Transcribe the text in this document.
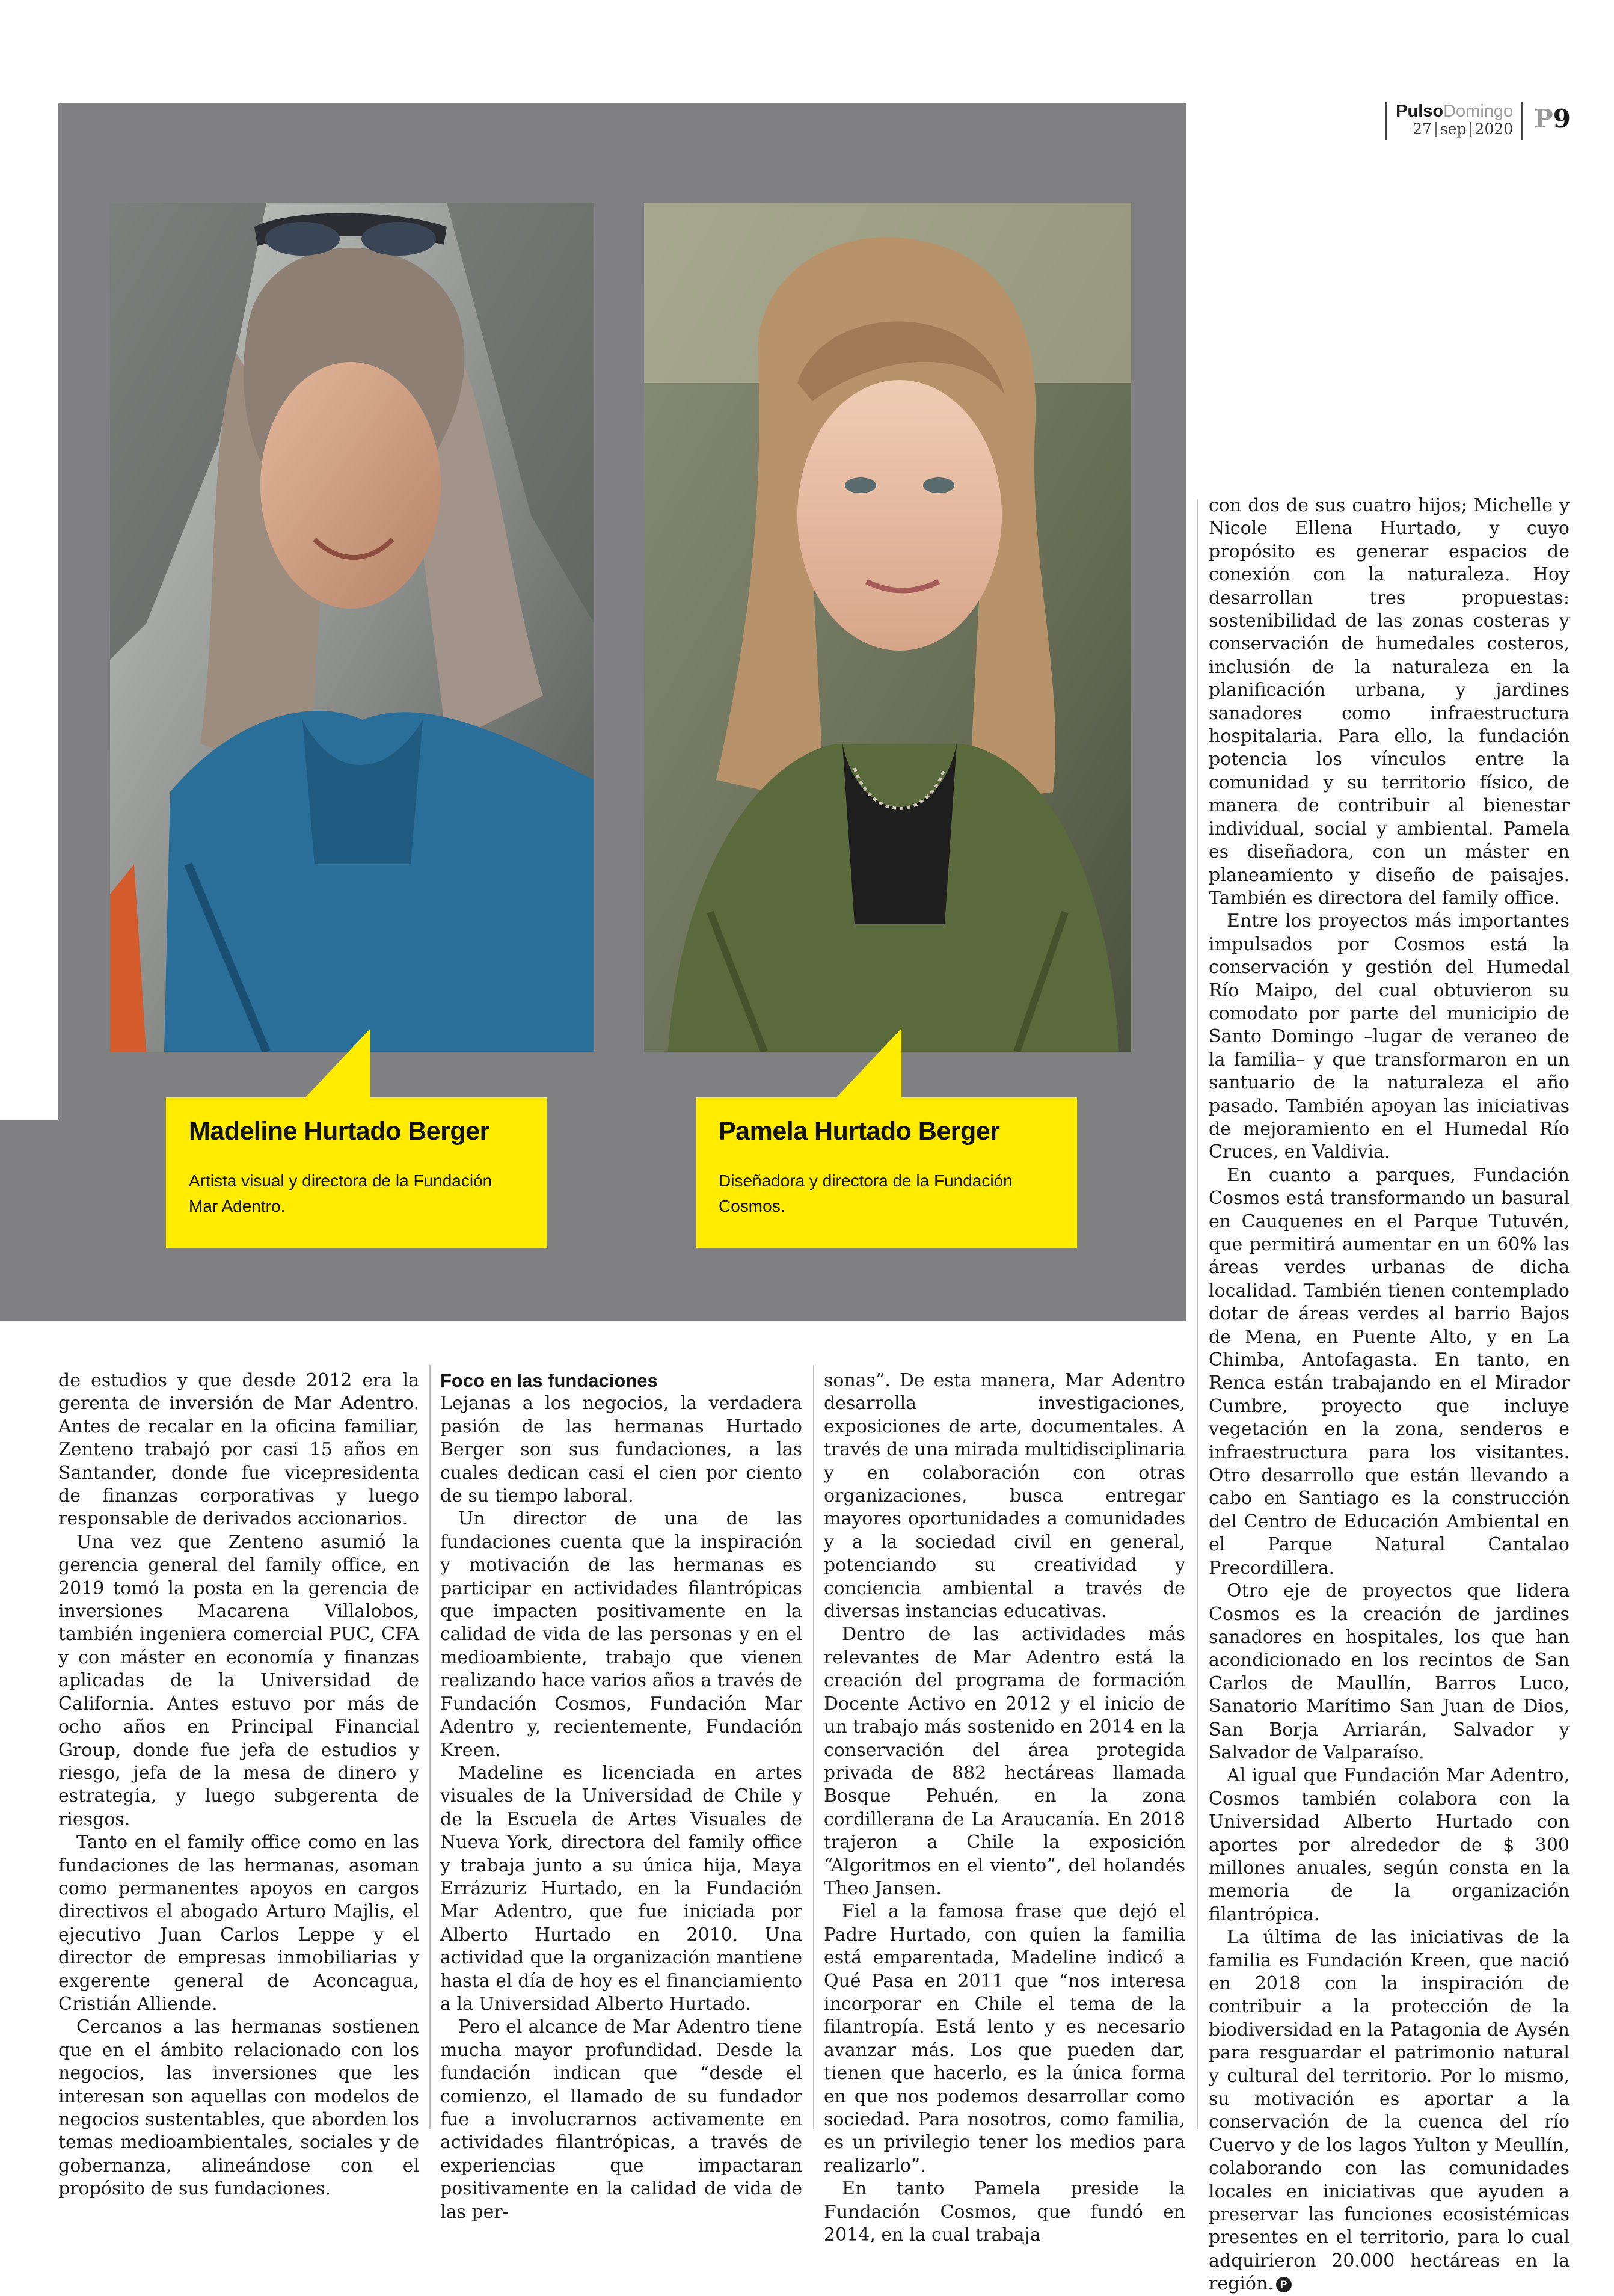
PulsoDomingo
27 sep 2020 P9
Madeline Hurtado Berger
Artista visual y directora de la Fundación Mar Adentro.
Pamela Hurtado Berger
Diseñadora y directora de la Fundación Cosmos.

de estudios y que desde 2012 era la gerenta de inversión de Mar Adentro. Antes de recalar en la oficina familiar, Zenteno trabajó por casi 15 años en Santander, donde fue vicepresidenta de finanzas corporativas y luego responsable de derivados accionarios.

Una vez que Zenteno asumió la gerencia general del family office, en 2019 tomó la posta en la gerencia de inversiones Macarena Villalobos, también ingeniera comercial PUC, CFA y con máster en economía y finanzas aplicadas de la Universidad de California. Antes estuvo por más de ocho años en Principal Financial Group, donde fue jefa de estudios y riesgo, jefa de la mesa de dinero y estrategia, y luego subgerenta de riesgos.

Tanto en el family office como en las fundaciones de las hermanas, asoman como permanentes apoyos en cargos directivos el abogado Arturo Majlis, el ejecutivo Juan Carlos Leppe y el director de empresas inmobiliarias y exgerente general de Aconcagua, Cristián Alliende.

Cercanos a las hermanas sostienen que en el ámbito relacionado con los negocios, las inversiones que les interesan son aquellas con modelos de negocios sustentables, que aborden los temas medioambientales, sociales y de gobernanza, alineándose con el propósito de sus fundaciones.

Foco en las fundaciones

Lejanas a los negocios, la verdadera pasión de las hermanas Hurtado Berger son sus fundaciones, a las cuales dedican casi el cien por ciento de su tiempo laboral.

Un director de una de las fundaciones cuenta que la inspiración y motivación de las hermanas es participar en actividades filantrópicas que impacten positivamente en la calidad de vida de las personas y en el medioambiente, trabajo que vienen realizando hace varios años a través de Fundación Cosmos, Fundación Mar Adentro y, recientemente, Fundación Kreen.

Madeline es licenciada en artes visuales de la Universidad de Chile y de la Escuela de Artes Visuales de Nueva York, directora del family office y trabaja junto a su única hija, Maya Errázuriz Hurtado, en la Fundación Mar Adentro, que fue iniciada por Alberto Hurtado en 2010. Una actividad que la organización mantiene hasta el día de hoy es el financiamiento a la Universidad Alberto Hurtado.

Pero el alcance de Mar Adentro tiene mucha mayor profundidad. Desde la fundación indican que “desde el comienzo, el llamado de su fundador fue a involucrarnos activamente en actividades filantrópicas, a través de experiencias que impactaran positivamente en la calidad de vida de las per-

sonas”. De esta manera, Mar Adentro desarrolla investigaciones, exposiciones de arte, documentales. A través de una mirada multidisciplinaria y en colaboración con otras organizaciones, busca entregar mayores oportunidades a comunidades y a la sociedad civil en general, potenciando su creatividad y conciencia ambiental a través de diversas instancias educativas.

Dentro de las actividades más relevantes de Mar Adentro está la creación del programa de formación Docente Activo en 2012 y el inicio de un trabajo más sostenido en 2014 en la conservación del área protegida privada de 882 hectáreas llamada Bosque Pehuén, en la zona cordillerana de La Araucanía. En 2018 trajeron a Chile la exposición “Algoritmos en el viento”, del holandés Theo Jansen.

Fiel a la famosa frase que dejó el Padre Hurtado, con quien la familia está emparentada, Madeline indicó a Qué Pasa en 2011 que “nos interesa incorporar en Chile el tema de la filantropía. Está lento y es necesario avanzar más. Los que pueden dar, tienen que hacerlo, es la única forma en que nos podemos desarrollar como sociedad. Para nosotros, como familia, es un privilegio tener los medios para realizarlo”.

En tanto Pamela preside la Fundación Cosmos, que fundó en 2014, en la cual trabaja

con dos de sus cuatro hijos; Michelle y Nicole Ellena Hurtado, y cuyo propósito es generar espacios de conexión con la naturaleza. Hoy desarrollan tres propuestas: sostenibilidad de las zonas costeras y conservación de humedales costeros, inclusión de la naturaleza en la planificación urbana, y jardines sanadores como infraestructura hospitalaria. Para ello, la fundación potencia los vínculos entre la comunidad y su territorio físico, de manera de contribuir al bienestar individual, social y ambiental. Pamela es diseñadora, con un máster en planeamiento y diseño de paisajes. También es directora del family office.

Entre los proyectos más importantes impulsados por Cosmos está la conservación y gestión del Humedal Río Maipo, del cual obtuvieron su comodato por parte del municipio de Santo Domingo –lugar de veraneo de la familia– y que transformaron en un santuario de la naturaleza el año pasado. También apoyan las iniciativas de mejoramiento en el Humedal Río Cruces, en Valdivia.

En cuanto a parques, Fundación Cosmos está transformando un basural en Cauquenes en el Parque Tutuvén, que permitirá aumentar en un 60% las áreas verdes urbanas de dicha localidad. También tienen contemplado dotar de áreas verdes al barrio Bajos de Mena, en Puente Alto, y en La Chimba, Antofagasta. En tanto, en Renca están trabajando en el Mirador Cumbre, proyecto que incluye vegetación en la zona, senderos e infraestructura para los visitantes. Otro desarrollo que están llevando a cabo en Santiago es la construcción del Centro de Educación Ambiental en el Parque Natural Cantalao Precordillera.

Otro eje de proyectos que lidera Cosmos es la creación de jardines sanadores en hospitales, los que han acondicionado en los recintos de San Carlos de Maullín, Barros Luco, Sanatorio Marítimo San Juan de Dios, San Borja Arriarán, Salvador y Salvador de Valparaíso.

Al igual que Fundación Mar Adentro, Cosmos también colabora con la Universidad Alberto Hurtado con aportes por alrededor de $ 300 millones anuales, según consta en la memoria de la organización filantrópica.

La última de las iniciativas de la familia es Fundación Kreen, que nació en 2018 con la inspiración de contribuir a la protección de la biodiversidad en la Patagonia de Aysén para resguardar el patrimonio natural y cultural del territorio. Por lo mismo, su motivación es aportar a la conservación de la cuenca del río Cuervo y de los lagos Yulton y Meullín, colaborando con las comunidades locales en iniciativas que ayuden a preservar las funciones ecosistémicas presentes en el territorio, para lo cual adquirieron 20.000 hectáreas en la región. P
